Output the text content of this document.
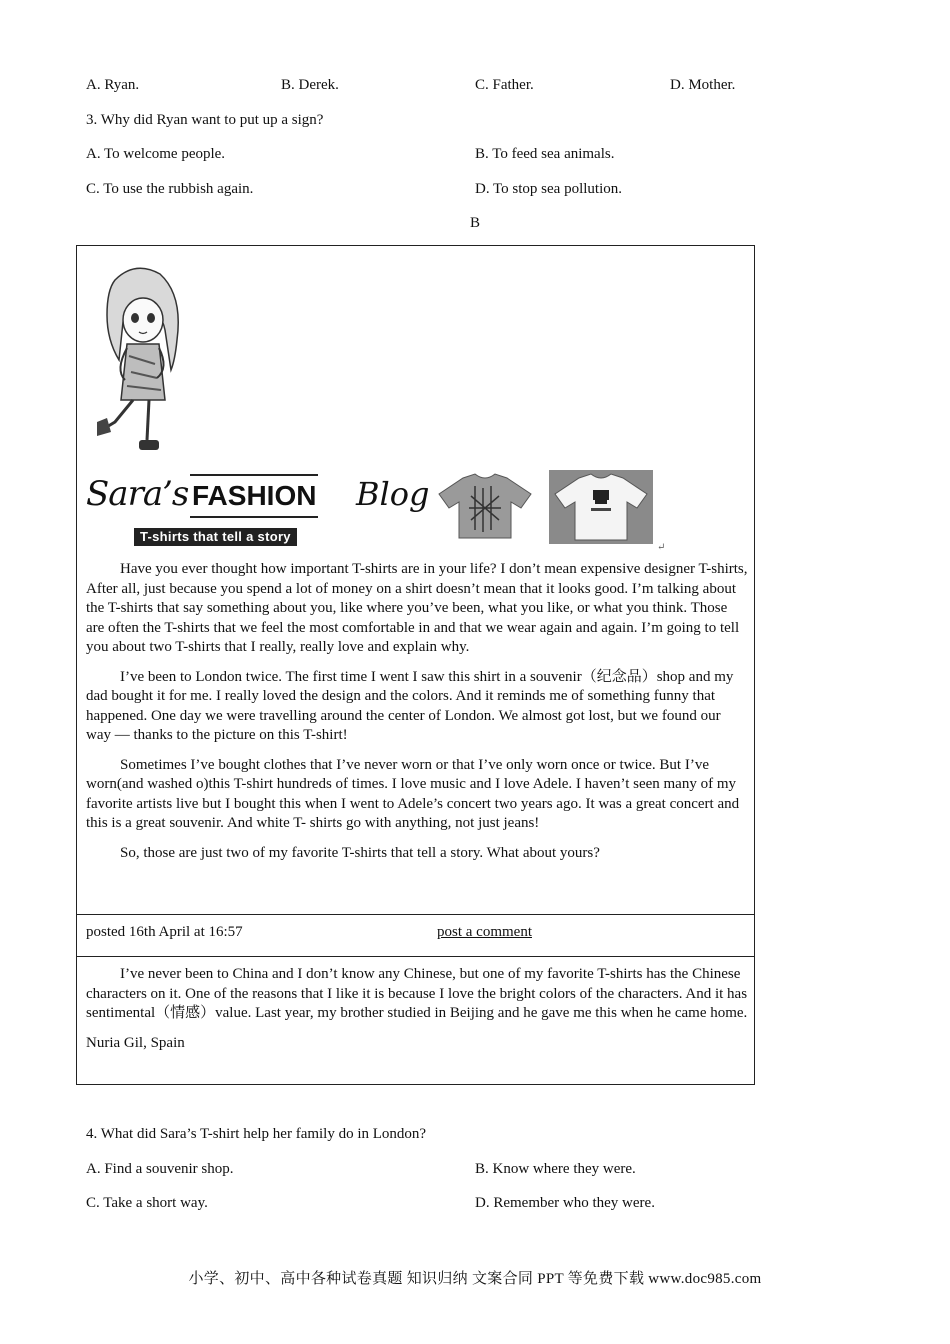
A. Ryan.	B. Derek.	C. Father.	D. Mother.
3. Why did Ryan want to put up a sign?
A. To welcome people.	B. To feed sea animals.
C. To use the rubbish again.	D. To stop sea pollution.
B
Sara’s FASHION Blog
T-shirts that tell a story
↵

Have you ever thought how important T-shirts are in your life? I don’t mean expensive designer T-shirts, After all, just because you spend a lot of money on a shirt doesn’t mean that it looks good. I’m talking about the T-shirts that say something about you, like where you’ve been, what you like, or what you think. Those are often the T-shirts that we feel the most comfortable in and that we wear again and again. I’m going to tell you about two T-shirts that I really, really love and explain why.

I’ve been to London twice. The first time I went I saw this shirt in a souvenir（纪念品）shop and my dad bought it for me. I really loved the design and the colors. And it reminds me of something funny that happened. One day we were travelling around the center of London. We almost got lost, but we found our way — thanks to the picture on this T-shirt!

Sometimes I’ve bought clothes that I’ve never worn or that I’ve only worn once or twice. But I’ve worn(and washed o)this T-shirt hundreds of times. I love music and I love Adele. I haven’t seen many of my favorite artists live but I bought this when I went to Adele’s concert two years ago. It was a great concert and this is a great souvenir. And white T- shirts go with anything, not just jeans!

So, those are just two of my favorite T-shirts that tell a story. What about yours?

posted 16th April at 16:57	post a comment

I’ve never been to China and I don’t know any Chinese, but one of my favorite T-shirts has the Chinese characters on it. One of the reasons that I like it is because I love the bright colors of the characters. And it has sentimental（情感）value. Last year, my brother studied in Beijing and he gave me this when he came home.

Nuria Gil, Spain

4. What did Sara’s T-shirt help her family do in London?
A. Find a souvenir shop.	B. Know where they were.
C. Take a short way.	D. Remember who they were.
小学、初中、高中各种试卷真题 知识归纳 文案合同 PPT 等免费下载 www.doc985.com
